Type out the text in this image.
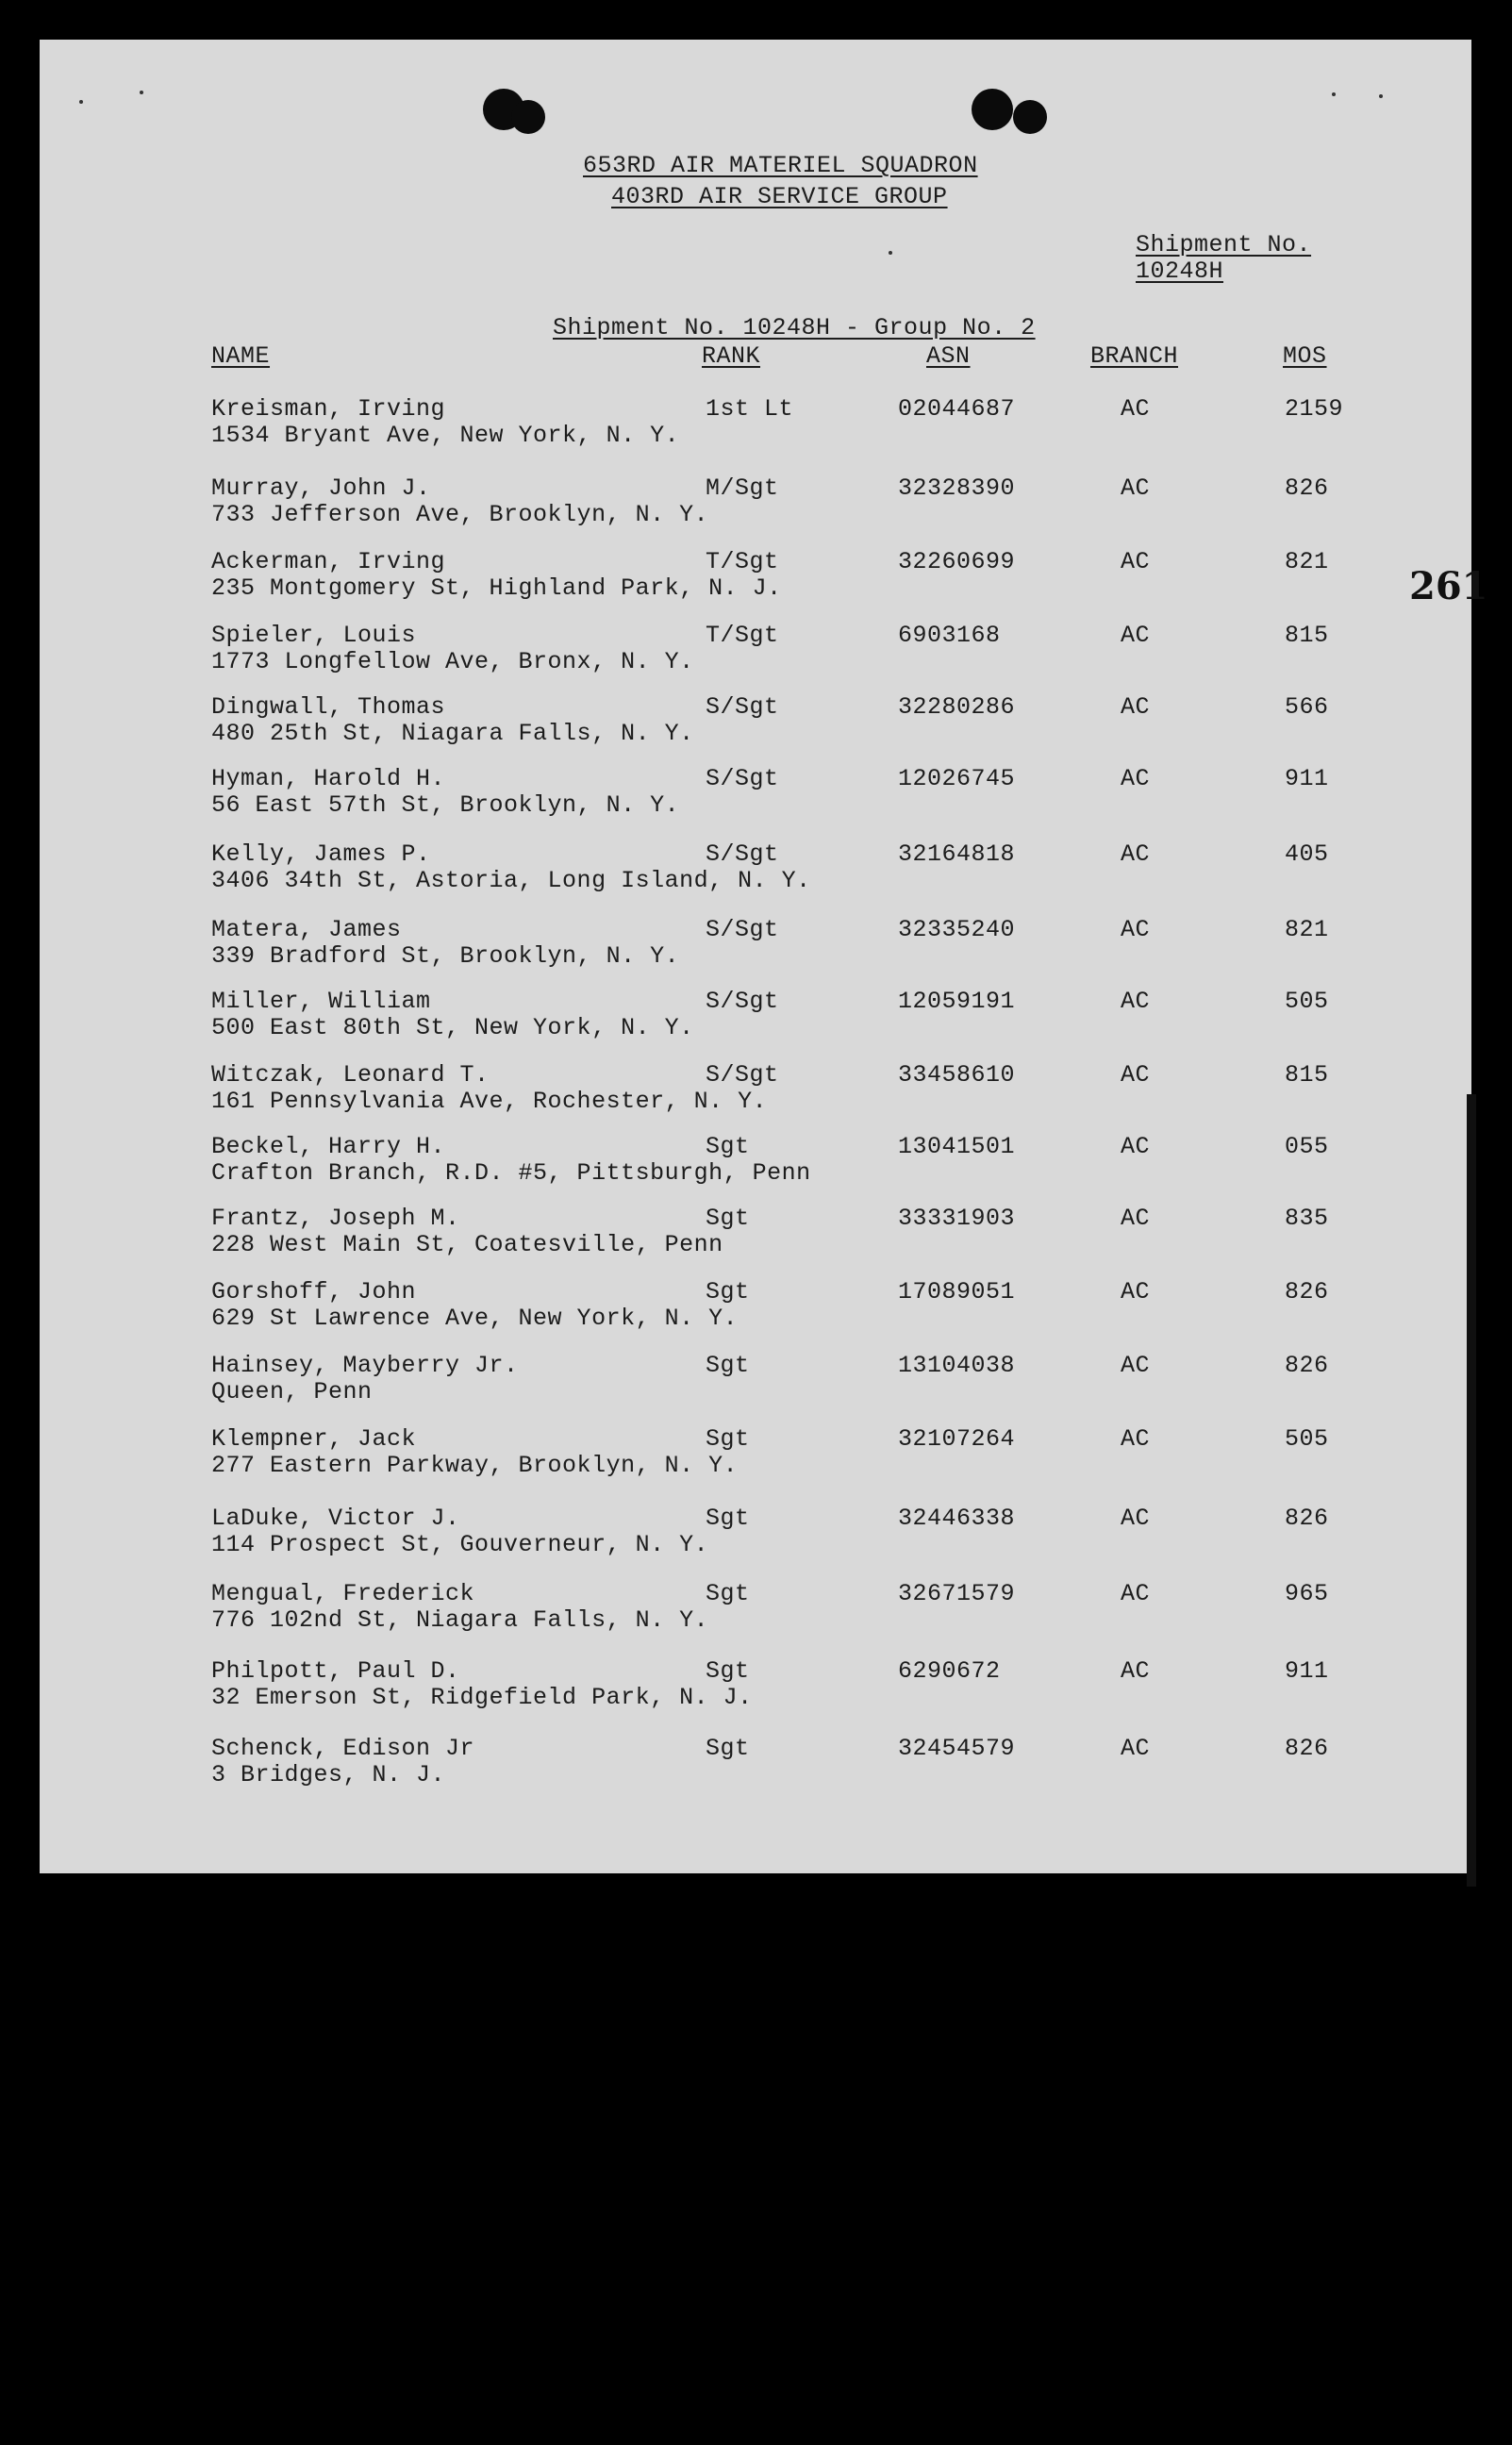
653RD AIR MATERIEL SQUADRON
403RD AIR SERVICE GROUP
Shipment No.
10248H
Shipment No. 10248H - Group No. 2
NAME	RANK	ASN	BRANCH	MOS
261
Kreisman, Irving
1534 Bryant Ave, New York, N. Y.
1st Lt	02044687	AC	2159
Murray, John J.
733 Jefferson Ave, Brooklyn, N. Y.
M/Sgt	32328390	AC	826
Ackerman, Irving
235 Montgomery St, Highland Park, N. J.
T/Sgt	32260699	AC	821
Spieler, Louis
1773 Longfellow Ave, Bronx, N. Y.
T/Sgt	6903168	AC	815
Dingwall, Thomas
480 25th St, Niagara Falls, N. Y.
S/Sgt	32280286	AC	566
Hyman, Harold H.
56 East 57th St, Brooklyn, N. Y.
S/Sgt	12026745	AC	911
Kelly, James P.
3406 34th St, Astoria, Long Island, N. Y.
S/Sgt	32164818	AC	405
Matera, James
339 Bradford St, Brooklyn, N. Y.
S/Sgt	32335240	AC	821
Miller, William
500 East 80th St, New York, N. Y.
S/Sgt	12059191	AC	505
Witczak, Leonard T.
161 Pennsylvania Ave, Rochester, N. Y.
S/Sgt	33458610	AC	815
Beckel, Harry H.
Crafton Branch, R.D. #5, Pittsburgh, Penn
Sgt	13041501	AC	055
Frantz, Joseph M.
228 West Main St, Coatesville, Penn
Sgt	33331903	AC	835
Gorshoff, John
629 St Lawrence Ave, New York, N. Y.
Sgt	17089051	AC	826
Hainsey, Mayberry Jr.
Queen, Penn
Sgt	13104038	AC	826
Klempner, Jack
277 Eastern Parkway, Brooklyn, N. Y.
Sgt	32107264	AC	505
LaDuke, Victor J.
114 Prospect St, Gouverneur, N. Y.
Sgt	32446338	AC	826
Mengual, Frederick
776 102nd St, Niagara Falls, N. Y.
Sgt	32671579	AC	965
Philpott, Paul D.
32 Emerson St, Ridgefield Park, N. J.
Sgt	6290672	AC	911
Schenck, Edison Jr
3 Bridges, N. J.
Sgt	32454579	AC	826
